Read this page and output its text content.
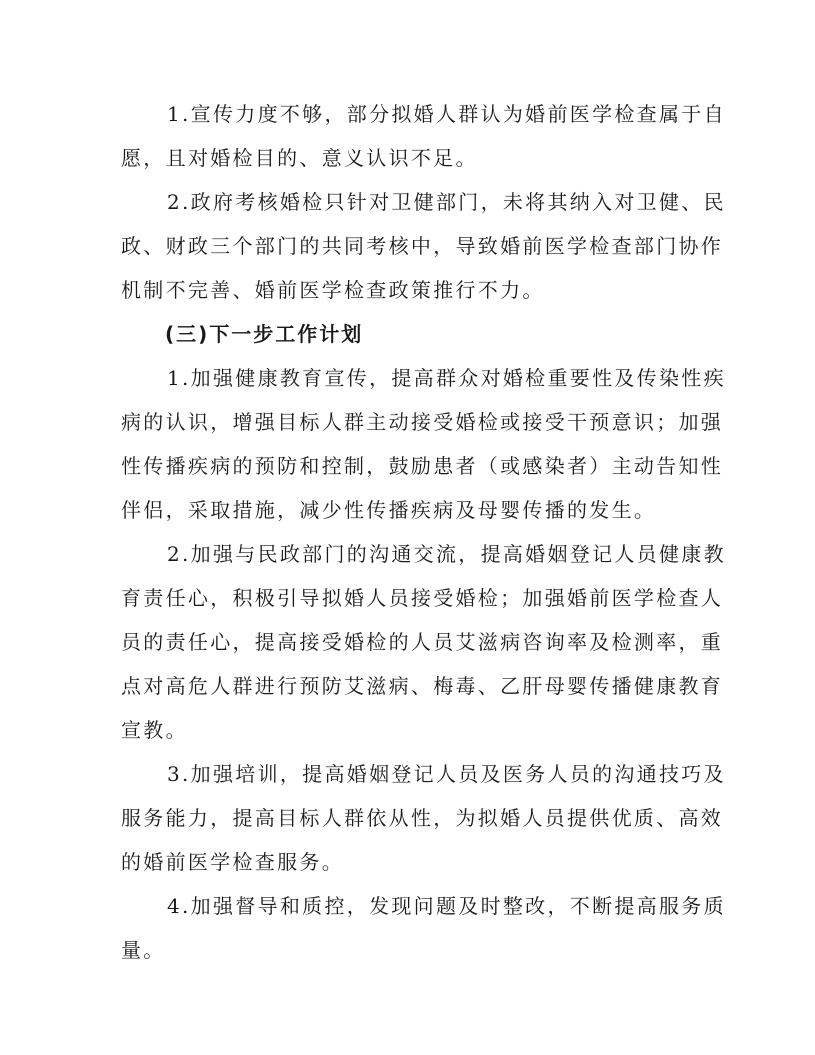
1.宣传力度不够，部分拟婚人群认为婚前医学检查属于自
愿，且对婚检目的、意义认识不足。

2.政府考核婚检只针对卫健部门，未将其纳入对卫健、民
政、财政三个部门的共同考核中，导致婚前医学检查部门协作
机制不完善、婚前医学检查政策推行不力。

(三)下一步工作计划

1.加强健康教育宣传，提高群众对婚检重要性及传染性疾
病的认识，增强目标人群主动接受婚检或接受干预意识；加强
性传播疾病的预防和控制，鼓励患者（或感染者）主动告知性
伴侣，采取措施，减少性传播疾病及母婴传播的发生。

2.加强与民政部门的沟通交流，提高婚姻登记人员健康教
育责任心，积极引导拟婚人员接受婚检；加强婚前医学检查人
员的责任心，提高接受婚检的人员艾滋病咨询率及检测率，重
点对高危人群进行预防艾滋病、梅毒、乙肝母婴传播健康教育
宣教。

3.加强培训，提高婚姻登记人员及医务人员的沟通技巧及
服务能力，提高目标人群依从性，为拟婚人员提供优质、高效
的婚前医学检查服务。

4.加强督导和质控，发现问题及时整改，不断提高服务质
量。
